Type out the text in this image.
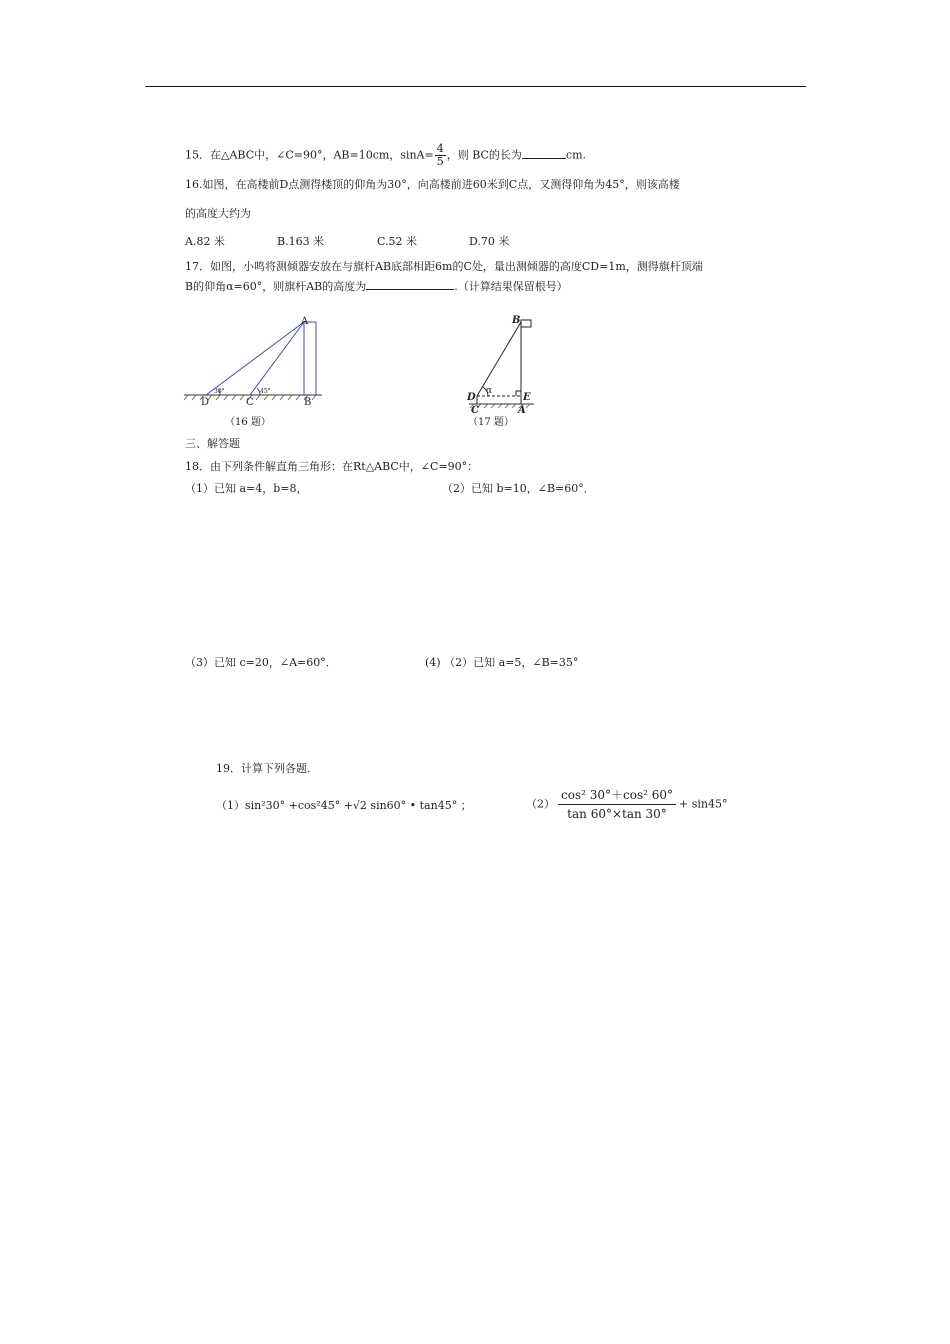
15．在△ABC中，∠C=90°，AB=10cm，$\sin A= \frac{4}{5}$ ，则 BC的长为	cm.
16.如图，在高楼前D点测得楼顶的仰角为30°，向高楼前进60米到C点，又测得仰角为45°，则该高楼
的高度大约为
A.82 米	B.163 米	C.52 米	D.70 米
17．如图，小鸣将测倾器安放在与旗杆AB底部相距6m的C处，量出测倾器的高度CD=1m，测得旗杆顶端
B的仰角α=60°，则旗杆AB的高度为	.（计算结果保留根号）
A
D	C	B
30°	45°
（16 题）
B
D	E
C	A
α
（17 题）
三、解答题
18．由下列条件解直角三角形：在Rt△ABC中，∠C=90°：
（1）已知 a=4，b=8，	（2）已知 b=10，∠B=60°．
（3）已知 c=20，∠A=60°．	(4) （2）已知 a=5，∠B=35°
19．计算下列各题.
（1）sin²30° +cos²45° +√2 sin60° • tan45° ；	$(2) \frac{\text{cos² 30°＋cos² 60°}}{\tan 60^\circ\times\tan 30^\circ} + \sin 45^\circ$
